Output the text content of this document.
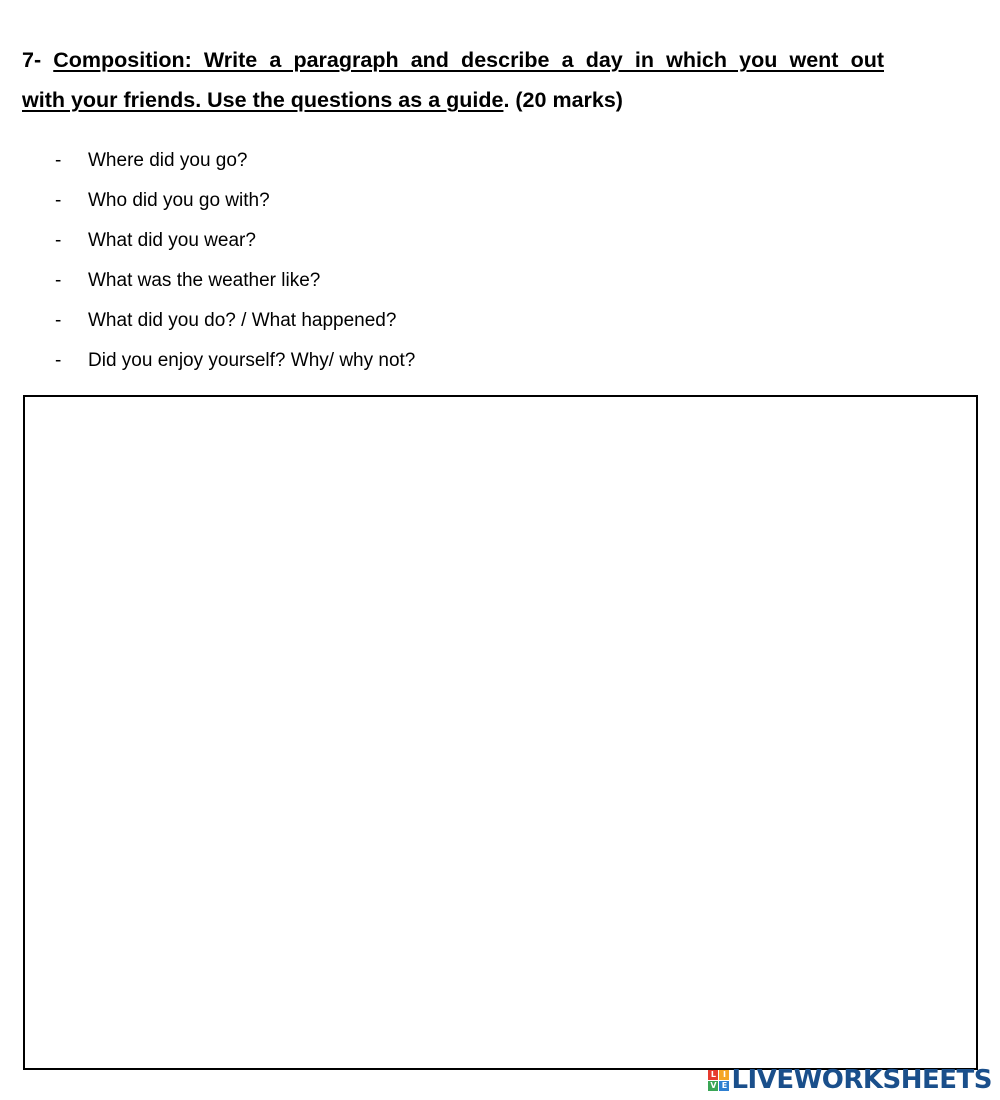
7- Composition: Write a paragraph and describe a day in which you went out
with your friends. Use the questions as a guide. (20 marks)
- Where did you go?
- Who did you go with?
- What did you wear?
- What was the weather like?
- What did you do? / What happened?
- Did you enjoy yourself? Why/ why not?
L I
V E LIVEWORKSHEETS
